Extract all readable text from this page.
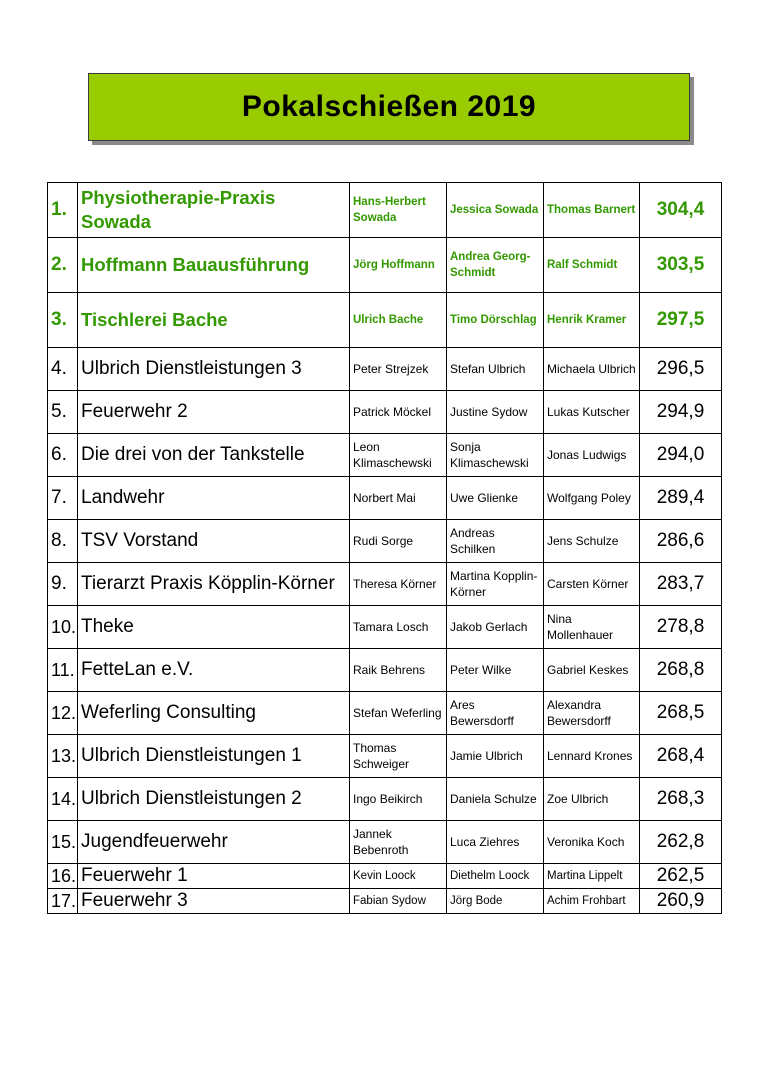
Pokalschießen 2019
1.	Physiotherapie-Praxis Sowada	Hans-Herbert Sowada	Jessica Sowada	Thomas Barnert	304,4
2.	Hoffmann Bauausführung	Jörg Hoffmann	Andrea Georg-Schmidt	Ralf Schmidt	303,5
3.	Tischlerei Bache	Ulrich Bache	Timo Dörschlag	Henrik Kramer	297,5
4.	Ulbrich Dienstleistungen 3	Peter Strejzek	Stefan Ulbrich	Michaela Ulbrich	296,5
5.	Feuerwehr 2	Patrick Möckel	Justine Sydow	Lukas Kutscher	294,9
6.	Die drei von der Tankstelle	Leon Klimaschewski	Sonja Klimaschewski	Jonas Ludwigs	294,0
7.	Landwehr	Norbert Mai	Uwe Glienke	Wolfgang Poley	289,4
8.	TSV Vorstand	Rudi Sorge	Andreas Schilken	Jens Schulze	286,6
9.	Tierarzt Praxis Köpplin-Körner	Theresa Körner	Martina Kopplin-Körner	Carsten Körner	283,7
10.	Theke	Tamara Losch	Jakob Gerlach	Nina Mollenhauer	278,8
11.	FetteLan e.V.	Raik Behrens	Peter Wilke	Gabriel Keskes	268,8
12.	Weferling Consulting	Stefan Weferling	Ares Bewersdorff	Alexandra Bewersdorff	268,5
13.	Ulbrich Dienstleistungen 1	Thomas Schweiger	Jamie Ulbrich	Lennard Krones	268,4
14.	Ulbrich Dienstleistungen 2	Ingo Beikirch	Daniela Schulze	Zoe Ulbrich	268,3
15.	Jugendfeuerwehr	Jannek Bebenroth	Luca Ziehres	Veronika Koch	262,8
16.	Feuerwehr 1	Kevin Loock	Diethelm Loock	Martina Lippelt	262,5
17.	Feuerwehr 3	Fabian Sydow	Jörg Bode	Achim Frohbart	260,9
